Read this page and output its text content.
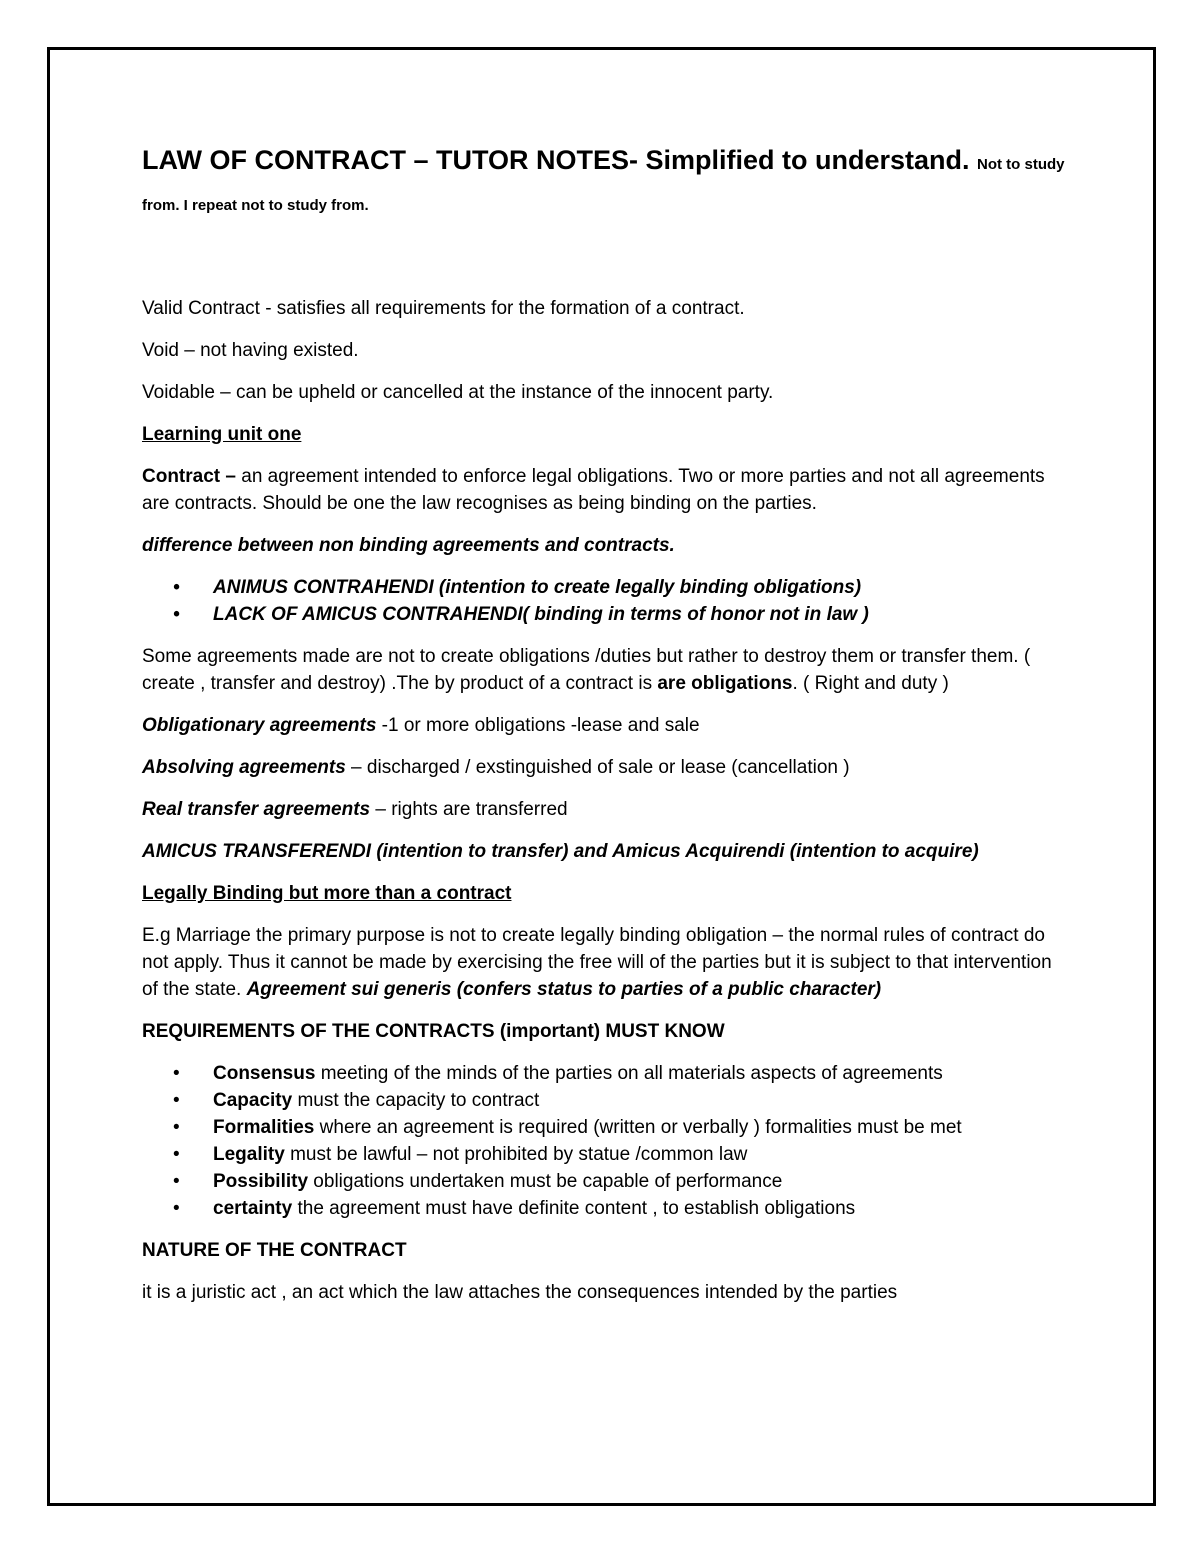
LAW OF CONTRACT – TUTOR NOTES- Simplified to understand. Not to study from. I repeat not to study from.

Valid Contract - satisfies all requirements for the formation of a contract.

Void – not having existed.

Voidable – can be upheld or cancelled at the instance of the innocent party.

Learning unit one

Contract – an agreement intended to enforce legal obligations. Two or more parties and not all agreements are contracts. Should be one the law recognises as being binding on the parties.

difference between non binding agreements and contracts.

• ANIMUS CONTRAHENDI (intention to create legally binding obligations)
• LACK OF AMICUS CONTRAHENDI( binding in terms of honor not in law )

Some agreements made are not to create obligations /duties but rather to destroy them or transfer them. ( create , transfer and destroy) .The by product of a contract is are obligations. ( Right and duty )

Obligationary agreements -1 or more obligations -lease and sale

Absolving agreements – discharged / exstinguished of sale or lease (cancellation )

Real transfer agreements – rights are transferred

AMICUS TRANSFERENDI (intention to transfer) and Amicus Acquirendi (intention to acquire)

Legally Binding but more than a contract

E.g Marriage the primary purpose is not to create legally binding obligation – the normal rules of contract do not apply. Thus it cannot be made by exercising the free will of the parties but it is subject to that intervention of the state. Agreement sui generis (confers status to parties of a public character)

REQUIREMENTS OF THE CONTRACTS (important) MUST KNOW

• Consensus meeting of the minds of the parties on all materials aspects of agreements
• Capacity must the capacity to contract
• Formalities where an agreement is required (written or verbally ) formalities must be met
• Legality must be lawful – not prohibited by statue /common law
• Possibility obligations undertaken must be capable of performance
• certainty the agreement must have definite content , to establish obligations

NATURE OF THE CONTRACT

it is a juristic act , an act which the law attaches the consequences intended by the parties
